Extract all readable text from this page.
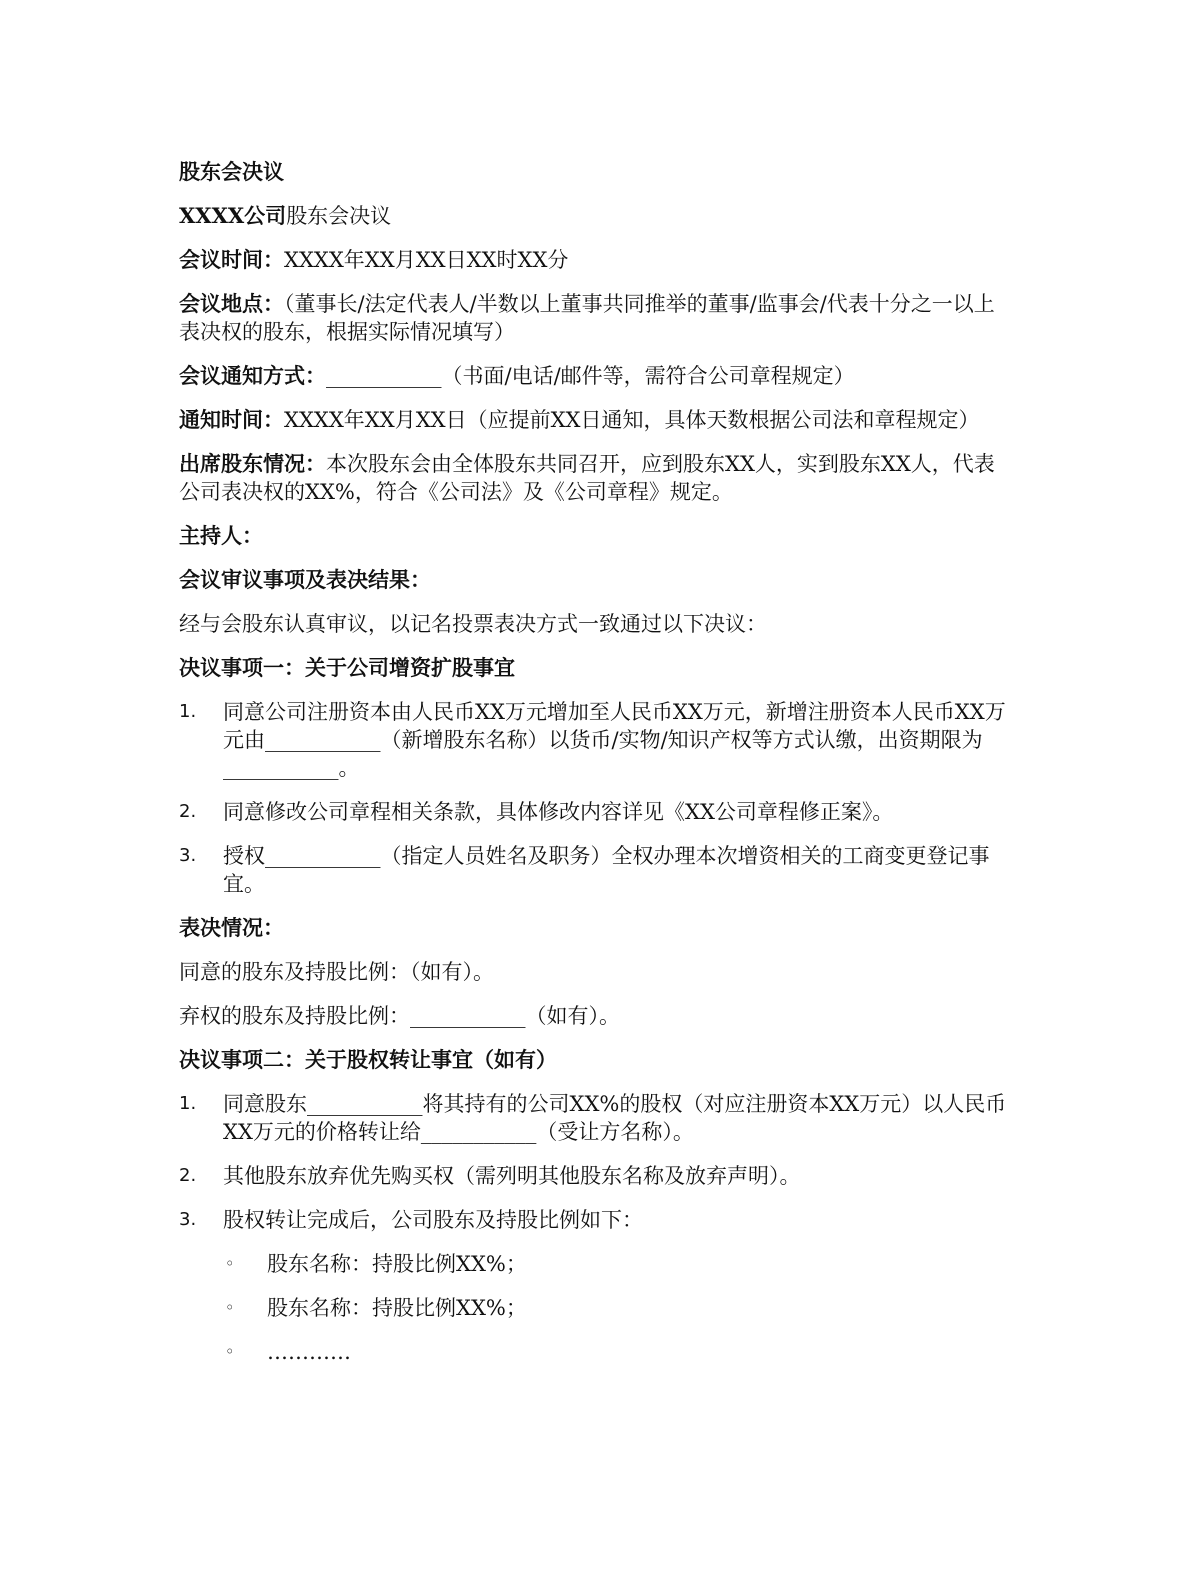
股东会决议

XXXX公司股东会决议

会议时间：XXXX年XX月XX日XX时XX分

会议地点：（董事长/法定代表人/半数以上董事共同推举的董事/监事会/代表十分之一以上表决权的股东，根据实际情况填写）

会议通知方式：___________（书面/电话/邮件等，需符合公司章程规定）

通知时间：XXXX年XX月XX日（应提前XX日通知，具体天数根据公司法和章程规定）

出席股东情况：本次股东会由全体股东共同召开，应到股东XX人，实到股东XX人，代表公司表决权的XX%，符合《公司法》及《公司章程》规定。

主持人：

会议审议事项及表决结果：

经与会股东认真审议，以记名投票表决方式一致通过以下决议：

决议事项一：关于公司增资扩股事宜

1.	同意公司注册资本由人民币XX万元增加至人民币XX万元，新增注册资本人民币XX万元由___________（新增股东名称）以货币/实物/知识产权等方式认缴，出资期限为___________。
2.	同意修改公司章程相关条款，具体修改内容详见《XX公司章程修正案》。
3.	授权___________（指定人员姓名及职务）全权办理本次增资相关的工商变更登记事宜。

表决情况：

同意的股东及持股比例：（如有）。

弃权的股东及持股比例：___________（如有）。

决议事项二：关于股权转让事宜（如有）

1.	同意股东___________将其持有的公司XX%的股权（对应注册资本XX万元）以人民币XX万元的价格转让给___________（受让方名称）。
2.	其他股东放弃优先购买权（需列明其他股东名称及放弃声明）。
3.	股权转让完成后，公司股东及持股比例如下：
◦ 股东名称：持股比例XX%；
◦ 股东名称：持股比例XX%；
◦ …………
